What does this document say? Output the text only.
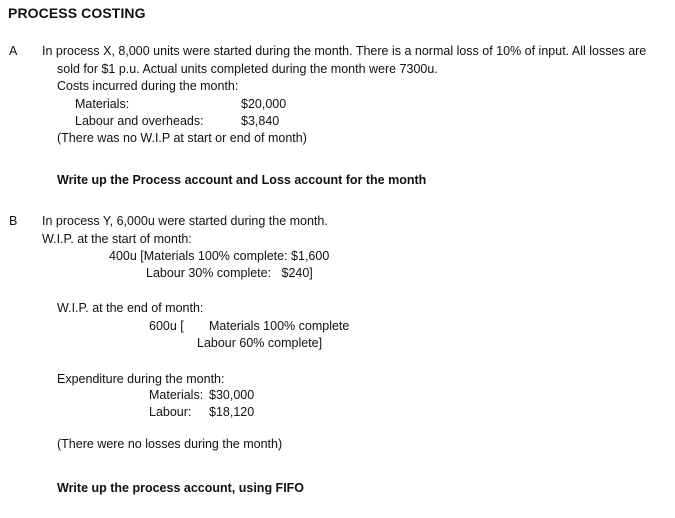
PROCESS COSTING
A In process X, 8,000 units were started during the month. There is a normal loss of 10% of input. All losses are
sold for $1 p.u. Actual units completed during the month were 7300u.
Costs incurred during the month:
Materials:	$20,000
Labour and overheads:	$3,840
(There was no W.I.P at start or end of month)
Write up the Process account and Loss account for the month
B In process Y, 6,000u were started during the month.
W.I.P. at the start of month:
400u [Materials 100% complete: $1,600
Labour 30% complete:   $240]
W.I.P. at the end of month:
600u [ Materials 100% complete
Labour 60% complete]
Expenditure during the month:
Materials: $30,000
Labour: $18,120
(There were no losses during the month)
Write up the process account, using FIFO
